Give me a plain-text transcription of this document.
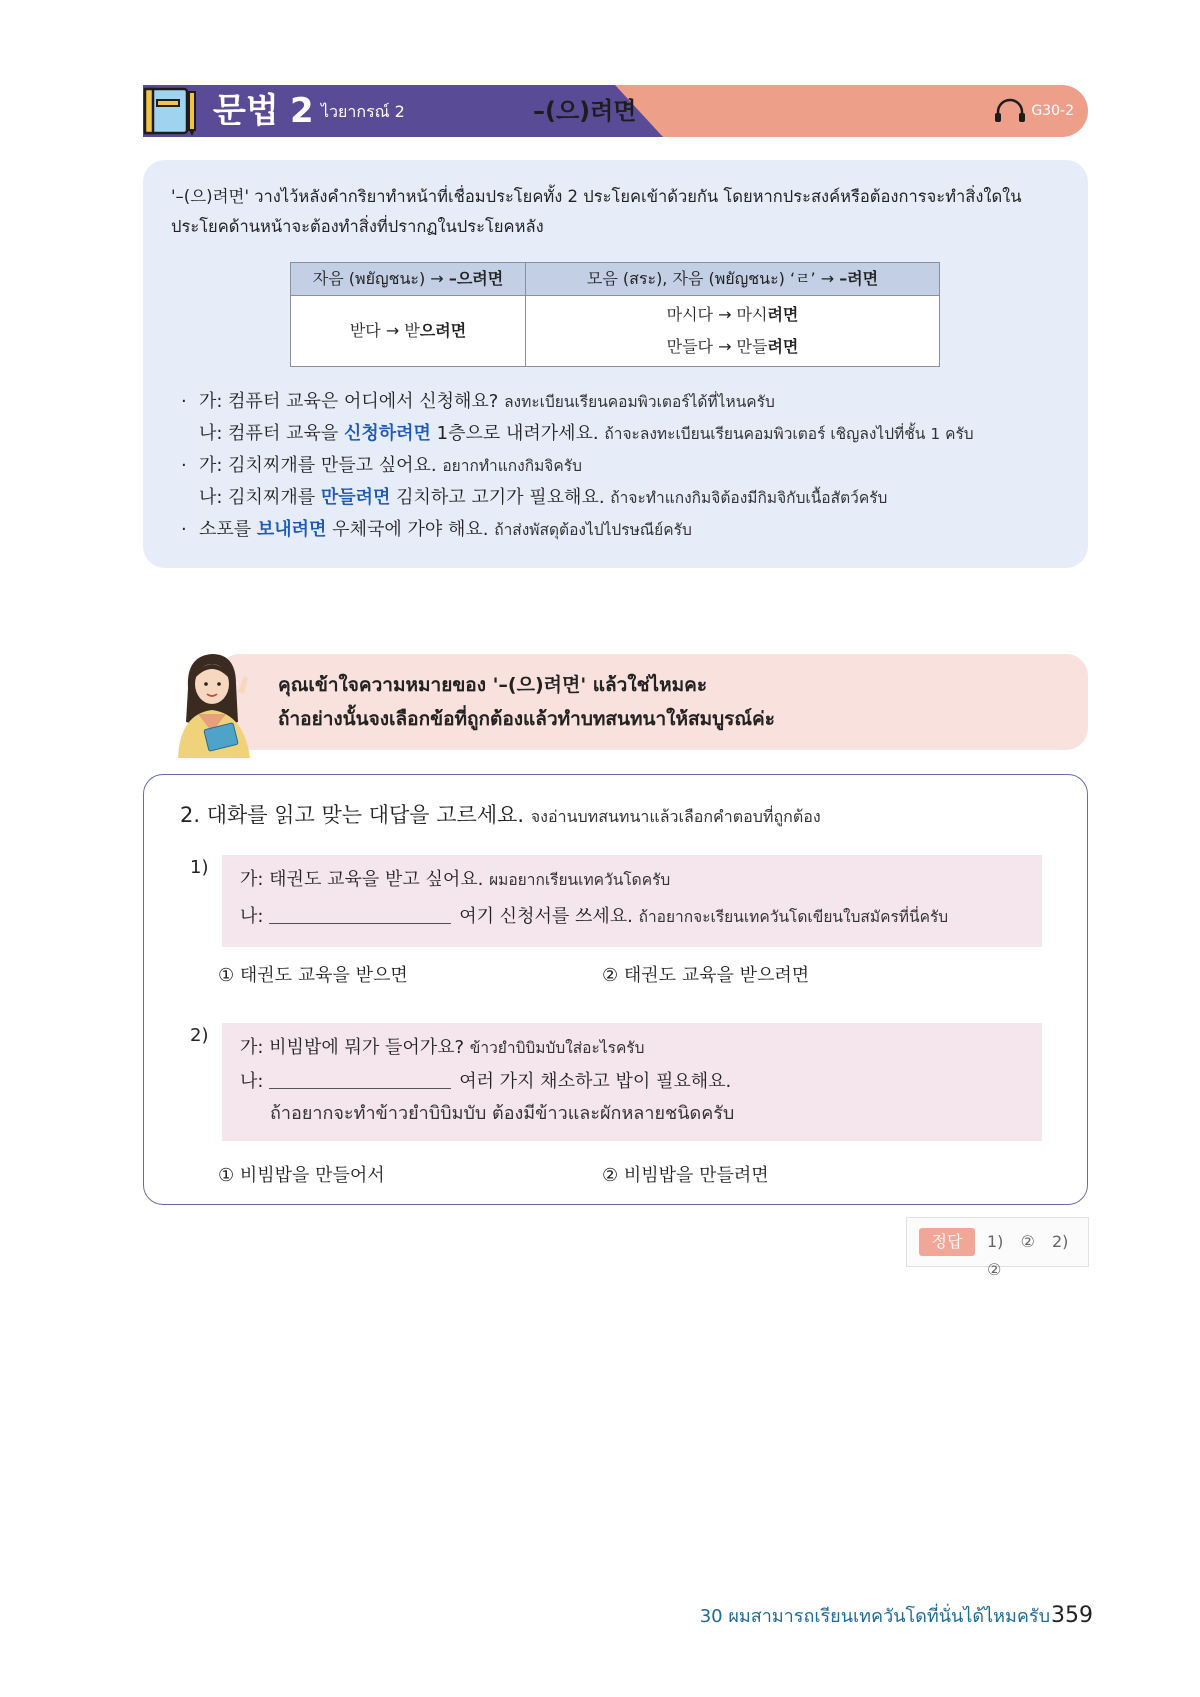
문법 2 ไวยากรณ์ 2	–(으)려면	G30-2

'–(으)려면' วางไว้หลังคำกริยาทำหน้าที่เชื่อมประโยคทั้ง 2 ประโยคเข้าด้วยกัน โดยหากประสงค์หรือต้องการจะทำสิ่งใดในประโยคด้านหน้าจะต้องทำสิ่งที่ปรากฏในประโยคหลัง

자음 (พยัญชนะ) → –으려면	모음 (สระ), 자음 (พยัญชนะ) ‘ㄹ’ → –려면

받다 → 받으려면	마시다 → 마시려면
만들다 → 만들려면
· 가: 컴퓨터 교육은 어디에서 신청해요? ลงทะเบียนเรียนคอมพิวเตอร์ได้ที่ไหนครับ
나: 컴퓨터 교육을 신청하려면 1층으로 내려가세요. ถ้าจะลงทะเบียนเรียนคอมพิวเตอร์ เชิญลงไปที่ชั้น 1 ครับ
· 가: 김치찌개를 만들고 싶어요. อยากทำแกงกิมจิครับ
나: 김치찌개를 만들려면 김치하고 고기가 필요해요. ถ้าจะทำแกงกิมจิต้องมีกิมจิกับเนื้อสัตว์ครับ
· 소포를 보내려면 우체국에 가야 해요. ถ้าส่งพัสดุต้องไปไปรษณีย์ครับ
คุณเข้าใจความหมายของ '–(으)려면' แล้วใช่ไหมคะ
ถ้าอย่างนั้นจงเลือกข้อที่ถูกต้องแล้วทำบทสนทนาให้สมบูรณ์ค่ะ
2. 대화를 읽고 맞는 대답을 고르세요. จงอ่านบทสนทนาแล้วเลือกคำตอบที่ถูกต้อง
1)
가: 태권도 교육을 받고 싶어요. ผมอยากเรียนเทควันโดครับ
나:	여기 신청서를 쓰세요. ถ้าอยากจะเรียนเทควันโดเขียนใบสมัครที่นี่ครับ
① 태권도 교육을 받으면	② 태권도 교육을 받으려면
2)
가: 비빔밥에 뭐가 들어가요? ข้าวยำบิบิมบับใส่อะไรครับ
나:	여러 가지 채소하고 밥이 필요해요.
ถ้าอยากจะทำข้าวยำบิบิมบับ ต้องมีข้าวและผักหลายชนิดครับ
① 비빔밥을 만들어서	② 비빔밥을 만들려면
정답	1) ② 2) ②
30 ผมสามารถเรียนเทควันโดที่นั่นได้ไหมครับ 359
